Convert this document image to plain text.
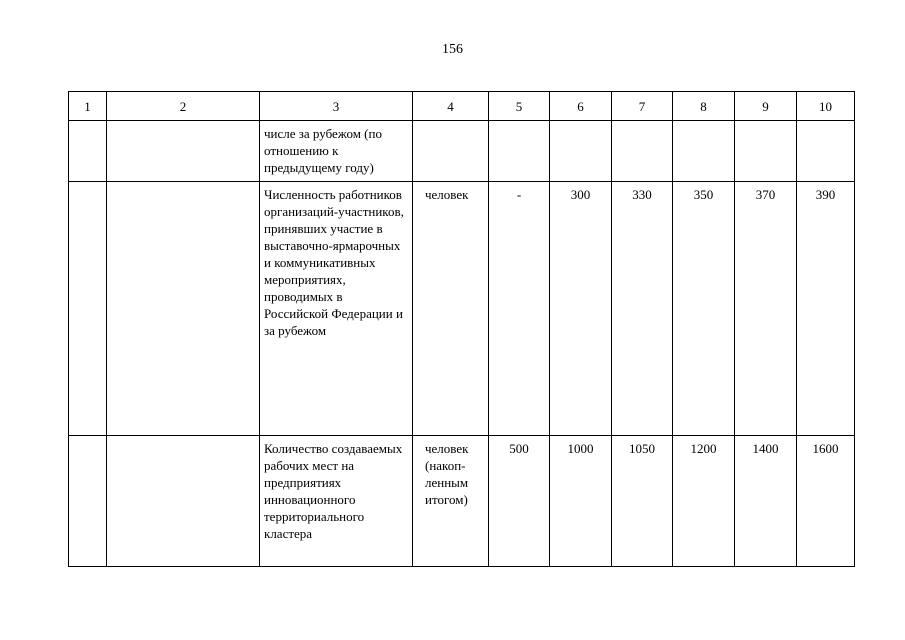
156
1	2	3	4	5	6	7	8	9	10

		числе за рубежом (по отношению к предыдущему году)							

		Численность работников организаций-участников, принявших участие в выставочно-ярмарочных и коммуникативных мероприятиях, проводимых в Российской Федерации и за рубежом	человек	-	300	330	350	370	390

		Количество создаваемых рабочих мест на предприятиях инновационного территориального кластера	человек (накоп-ленным итогом)	500	1000	1050	1200	1400	1600
